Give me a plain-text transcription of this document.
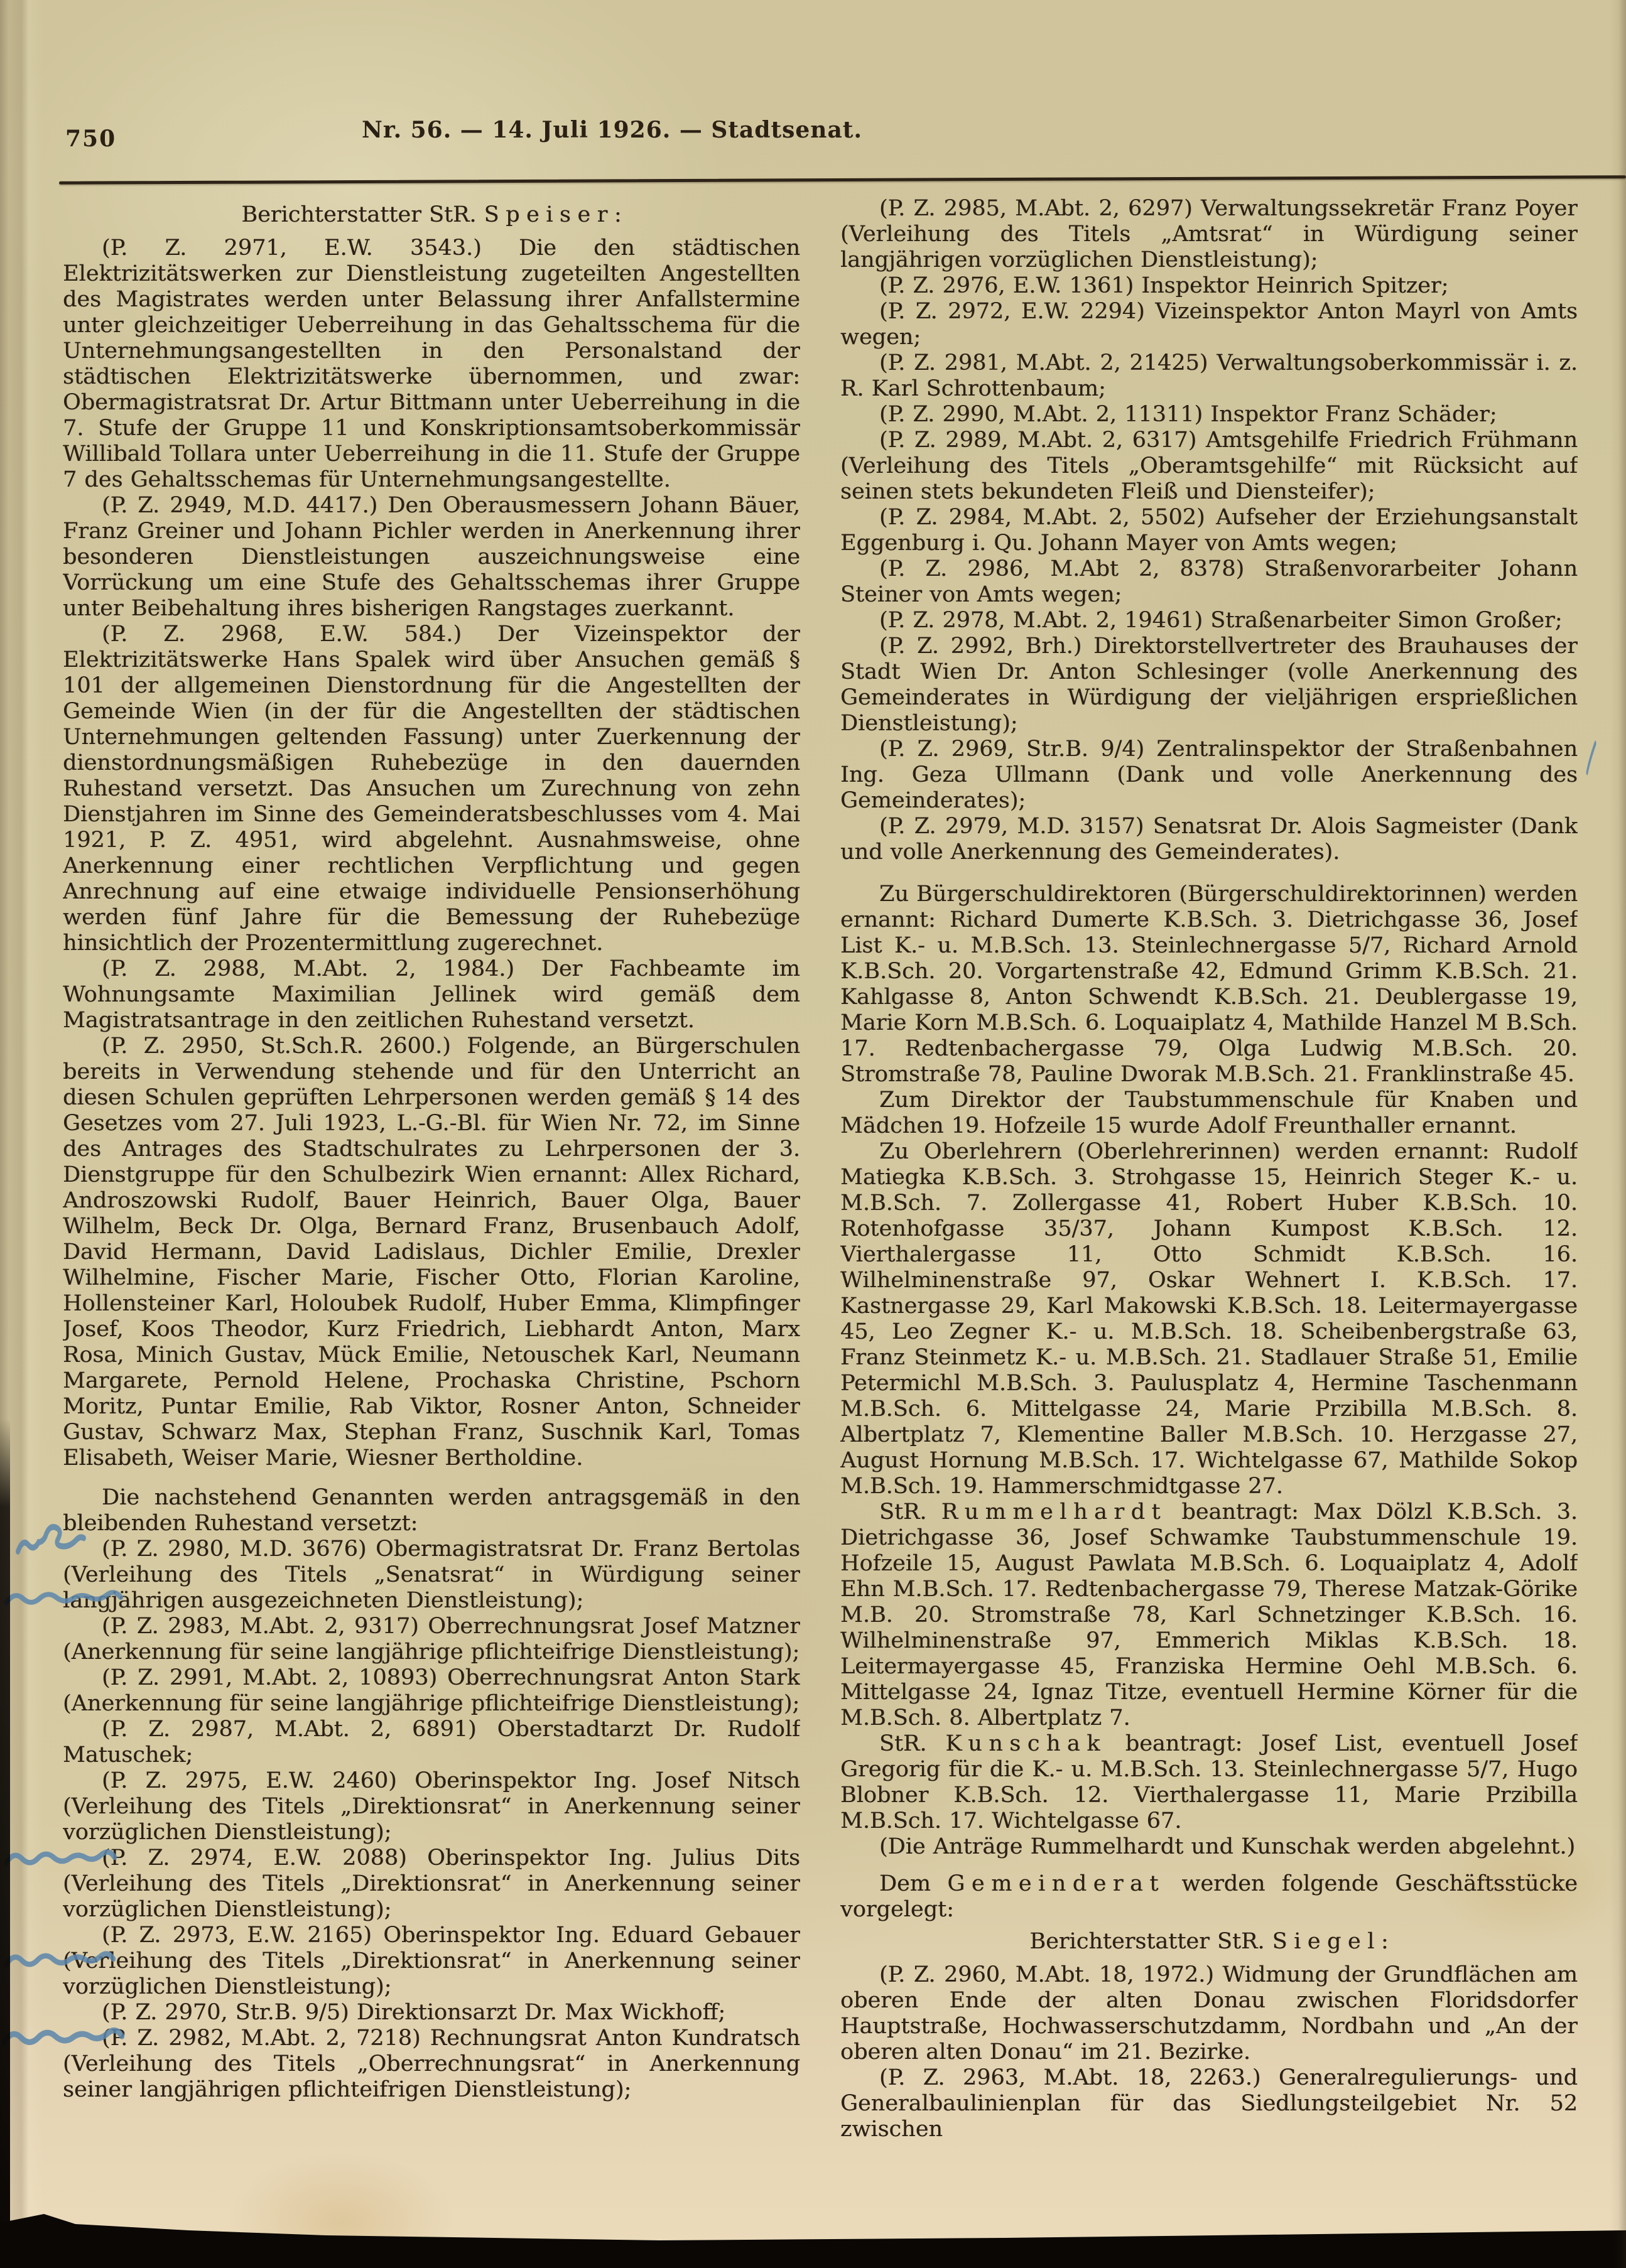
750	Nr. 56. — 14. Juli 1926. — Stadtsenat.

Berichterstatter StR. Speiser:

(P. Z. 2971, E.W. 3543.) Die den städtischen Elektrizitätswerken zur Dienstleistung zugeteilten Angestellten des Magistrates werden unter Belassung ihrer Anfallstermine unter gleichzeitiger Ueberreihung in das Gehaltsschema für die Unternehmungsangestellten in den Personalstand der städtischen Elektrizitätswerke übernommen, und zwar: Obermagistratsrat Dr. Artur Bittmann unter Ueberreihung in die 7. Stufe der Gruppe 11 und Konskriptionsamtsoberkommissär Willibald Tollara unter Ueberreihung in die 11. Stufe der Gruppe 7 des Gehaltsschemas für Unternehmungsangestellte.

(P. Z. 2949, M.D. 4417.) Den Oberausmessern Johann Bäuer, Franz Greiner und Johann Pichler werden in Anerkennung ihrer besonderen Dienstleistungen auszeichnungsweise eine Vorrückung um eine Stufe des Gehaltsschemas ihrer Gruppe unter Beibehaltung ihres bisherigen Rangstages zuerkannt.

(P. Z. 2968, E.W. 584.) Der Vizeinspektor der Elektrizitätswerke Hans Spalek wird über Ansuchen gemäß § 101 der allgemeinen Dienstordnung für die Angestellten der Gemeinde Wien (in der für die Angestellten der städtischen Unternehmungen geltenden Fassung) unter Zuerkennung der dienstordnungsmäßigen Ruhebezüge in den dauernden Ruhestand versetzt. Das Ansuchen um Zurechnung von zehn Dienstjahren im Sinne des Gemeinderatsbeschlusses vom 4. Mai 1921, P. Z. 4951, wird abgelehnt. Ausnahmsweise, ohne Anerkennung einer rechtlichen Verpflichtung und gegen Anrechnung auf eine etwaige individuelle Pensionserhöhung werden fünf Jahre für die Bemessung der Ruhebezüge hinsichtlich der Prozentermittlung zugerechnet.

(P. Z. 2988, M.Abt. 2, 1984.) Der Fachbeamte im Wohnungsamte Maximilian Jellinek wird gemäß dem Magistratsantrage in den zeitlichen Ruhestand versetzt.

(P. Z. 2950, St.Sch.R. 2600.) Folgende, an Bürgerschulen bereits in Verwendung stehende und für den Unterricht an diesen Schulen geprüften Lehrpersonen werden gemäß § 14 des Gesetzes vom 27. Juli 1923, L.-G.-Bl. für Wien Nr. 72, im Sinne des Antrages des Stadtschulrates zu Lehrpersonen der 3. Dienstgruppe für den Schulbezirk Wien ernannt: Allex Richard, Androszowski Rudolf, Bauer Heinrich, Bauer Olga, Bauer Wilhelm, Beck Dr. Olga, Bernard Franz, Brusenbauch Adolf, David Hermann, David Ladislaus, Dichler Emilie, Drexler Wilhelmine, Fischer Marie, Fischer Otto, Florian Karoline, Hollensteiner Karl, Holoubek Rudolf, Huber Emma, Klimpfinger Josef, Koos Theodor, Kurz Friedrich, Liebhardt Anton, Marx Rosa, Minich Gustav, Mück Emilie, Netouschek Karl, Neumann Margarete, Pernold Helene, Prochaska Christine, Pschorn Moritz, Puntar Emilie, Rab Viktor, Rosner Anton, Schneider Gustav, Schwarz Max, Stephan Franz, Suschnik Karl, Tomas Elisabeth, Weiser Marie, Wiesner Bertholdine.

Die nachstehend Genannten werden antragsgemäß in den bleibenden Ruhestand versetzt:

(P. Z. 2980, M.D. 3676) Obermagistratsrat Dr. Franz Bertolas (Verleihung des Titels „Senatsrat“ in Würdigung seiner langjährigen ausgezeichneten Dienstleistung);

(P. Z. 2983, M.Abt. 2, 9317) Oberrechnungsrat Josef Matzner (Anerkennung für seine langjährige pflichteifrige Dienstleistung);

(P. Z. 2991, M.Abt. 2, 10893) Oberrechnungsrat Anton Stark (Anerkennung für seine langjährige pflichteifrige Dienstleistung);

(P. Z. 2987, M.Abt. 2, 6891) Oberstadtarzt Dr. Rudolf Matuschek;

(P. Z. 2975, E.W. 2460) Oberinspektor Ing. Josef Nitsch (Verleihung des Titels „Direktionsrat“ in Anerkennung seiner vorzüglichen Dienstleistung);

(P. Z. 2974, E.W. 2088) Oberinspektor Ing. Julius Dits (Verleihung des Titels „Direktionsrat“ in Anerkennung seiner vorzüglichen Dienstleistung);

(P. Z. 2973, E.W. 2165) Oberinspektor Ing. Eduard Gebauer (Verleihung des Titels „Direktionsrat“ in Anerkennung seiner vorzüglichen Dienstleistung);

(P. Z. 2970, Str.B. 9/5) Direktionsarzt Dr. Max Wickhoff;

(P. Z. 2982, M.Abt. 2, 7218) Rechnungsrat Anton Kundratsch (Verleihung des Titels „Oberrechnungsrat“ in Anerkennung seiner langjährigen pflichteifrigen Dienstleistung);

(P. Z. 2985, M.Abt. 2, 6297) Verwaltungssekretär Franz Poyer (Verleihung des Titels „Amtsrat“ in Würdigung seiner langjährigen vorzüglichen Dienstleistung);

(P. Z. 2976, E.W. 1361) Inspektor Heinrich Spitzer;

(P. Z. 2972, E.W. 2294) Vizeinspektor Anton Mayrl von Amts wegen;

(P. Z. 2981, M.Abt. 2, 21425) Verwaltungsoberkommissär i. z. R. Karl Schrottenbaum;

(P. Z. 2990, M.Abt. 2, 11311) Inspektor Franz Schäder;

(P. Z. 2989, M.Abt. 2, 6317) Amtsgehilfe Friedrich Frühmann (Verleihung des Titels „Oberamtsgehilfe“ mit Rücksicht auf seinen stets bekundeten Fleiß und Diensteifer);

(P. Z. 2984, M.Abt. 2, 5502) Aufseher der Erziehungsanstalt Eggenburg i. Qu. Johann Mayer von Amts wegen;

(P. Z. 2986, M.Abt 2, 8378) Straßenvorarbeiter Johann Steiner von Amts wegen;

(P. Z. 2978, M.Abt. 2, 19461) Straßenarbeiter Simon Großer;

(P. Z. 2992, Brh.) Direktorstellvertreter des Brauhauses der Stadt Wien Dr. Anton Schlesinger (volle Anerkennung des Gemeinderates in Würdigung der vieljährigen ersprießlichen Dienstleistung);

(P. Z. 2969, Str.B. 9/4) Zentralinspektor der Straßenbahnen Ing. Geza Ullmann (Dank und volle Anerkennung des Gemeinderates);

(P. Z. 2979, M.D. 3157) Senatsrat Dr. Alois Sagmeister (Dank und volle Anerkennung des Gemeinderates).

Zu Bürgerschuldirektoren (Bürgerschuldirektorinnen) werden ernannt: Richard Dumerte K.B.Sch. 3. Dietrichgasse 36, Josef List K.- u. M.B.Sch. 13. Steinlechnergasse 5/7, Richard Arnold K.B.Sch. 20. Vorgartenstraße 42, Edmund Grimm K.B.Sch. 21. Kahlgasse 8, Anton Schwendt K.B.Sch. 21. Deublergasse 19, Marie Korn M.B.Sch. 6. Loquaiplatz 4, Mathilde Hanzel M B.Sch. 17. Redtenbachergasse 79, Olga Ludwig M.B.Sch. 20. Stromstraße 78, Pauline Dworak M.B.Sch. 21. Franklinstraße 45.

Zum Direktor der Taubstummenschule für Knaben und Mädchen 19. Hofzeile 15 wurde Adolf Freunthaller ernannt.

Zu Oberlehrern (Oberlehrerinnen) werden ernannt: Rudolf Matiegka K.B.Sch. 3. Strohgasse 15, Heinrich Steger K.- u. M.B.Sch. 7. Zollergasse 41, Robert Huber K.B.Sch. 10. Rotenhofgasse 35/37, Johann Kumpost K.B.Sch. 12. Vierthalergasse 11, Otto Schmidt K.B.Sch. 16. Wilhelminenstraße 97, Oskar Wehnert I. K.B.Sch. 17. Kastnergasse 29, Karl Makowski K.B.Sch. 18. Leitermayergasse 45, Leo Zegner K.- u. M.B.Sch. 18. Scheibenbergstraße 63, Franz Steinmetz K.- u. M.B.Sch. 21. Stadlauer Straße 51, Emilie Petermichl M.B.Sch. 3. Paulusplatz 4, Hermine Taschenmann M.B.Sch. 6. Mittelgasse 24, Marie Przibilla M.B.Sch. 8. Albertplatz 7, Klementine Baller M.B.Sch. 10. Herzgasse 27, August Hornung M.B.Sch. 17. Wichtelgasse 67, Mathilde Sokop M.B.Sch. 19. Hammerschmidtgasse 27.

StR. Rummelhardt beantragt: Max Dölzl K.B.Sch. 3. Dietrichgasse 36, Josef Schwamke Taubstummenschule 19. Hofzeile 15, August Pawlata M.B.Sch. 6. Loquaiplatz 4, Adolf Ehn M.B.Sch. 17. Redtenbachergasse 79, Therese Matzak-Görike M.B. 20. Stromstraße 78, Karl Schnetzinger K.B.Sch. 16. Wilhelminenstraße 97, Emmerich Miklas K.B.Sch. 18. Leitermayergasse 45, Franziska Hermine Oehl M.B.Sch. 6. Mittelgasse 24, Ignaz Titze, eventuell Hermine Körner für die M.B.Sch. 8. Albertplatz 7.

StR. Kunschak beantragt: Josef List, eventuell Josef Gregorig für die K.- u. M.B.Sch. 13. Steinlechnergasse 5/7, Hugo Blobner K.B.Sch. 12. Vierthalergasse 11, Marie Przibilla M.B.Sch. 17. Wichtelgasse 67.

(Die Anträge Rummelhardt und Kunschak werden abgelehnt.)

Dem Gemeinderat werden folgende Geschäftsstücke vorgelegt:

Berichterstatter StR. Siegel:

(P. Z. 2960, M.Abt. 18, 1972.) Widmung der Grundflächen am oberen Ende der alten Donau zwischen Floridsdorfer Hauptstraße, Hochwasserschutzdamm, Nordbahn und „An der oberen alten Donau“ im 21. Bezirke.

(P. Z. 2963, M.Abt. 18, 2263.) Generalregulierungs- und Generalbaulinienplan für das Siedlungsteilgebiet Nr. 52 zwischen
